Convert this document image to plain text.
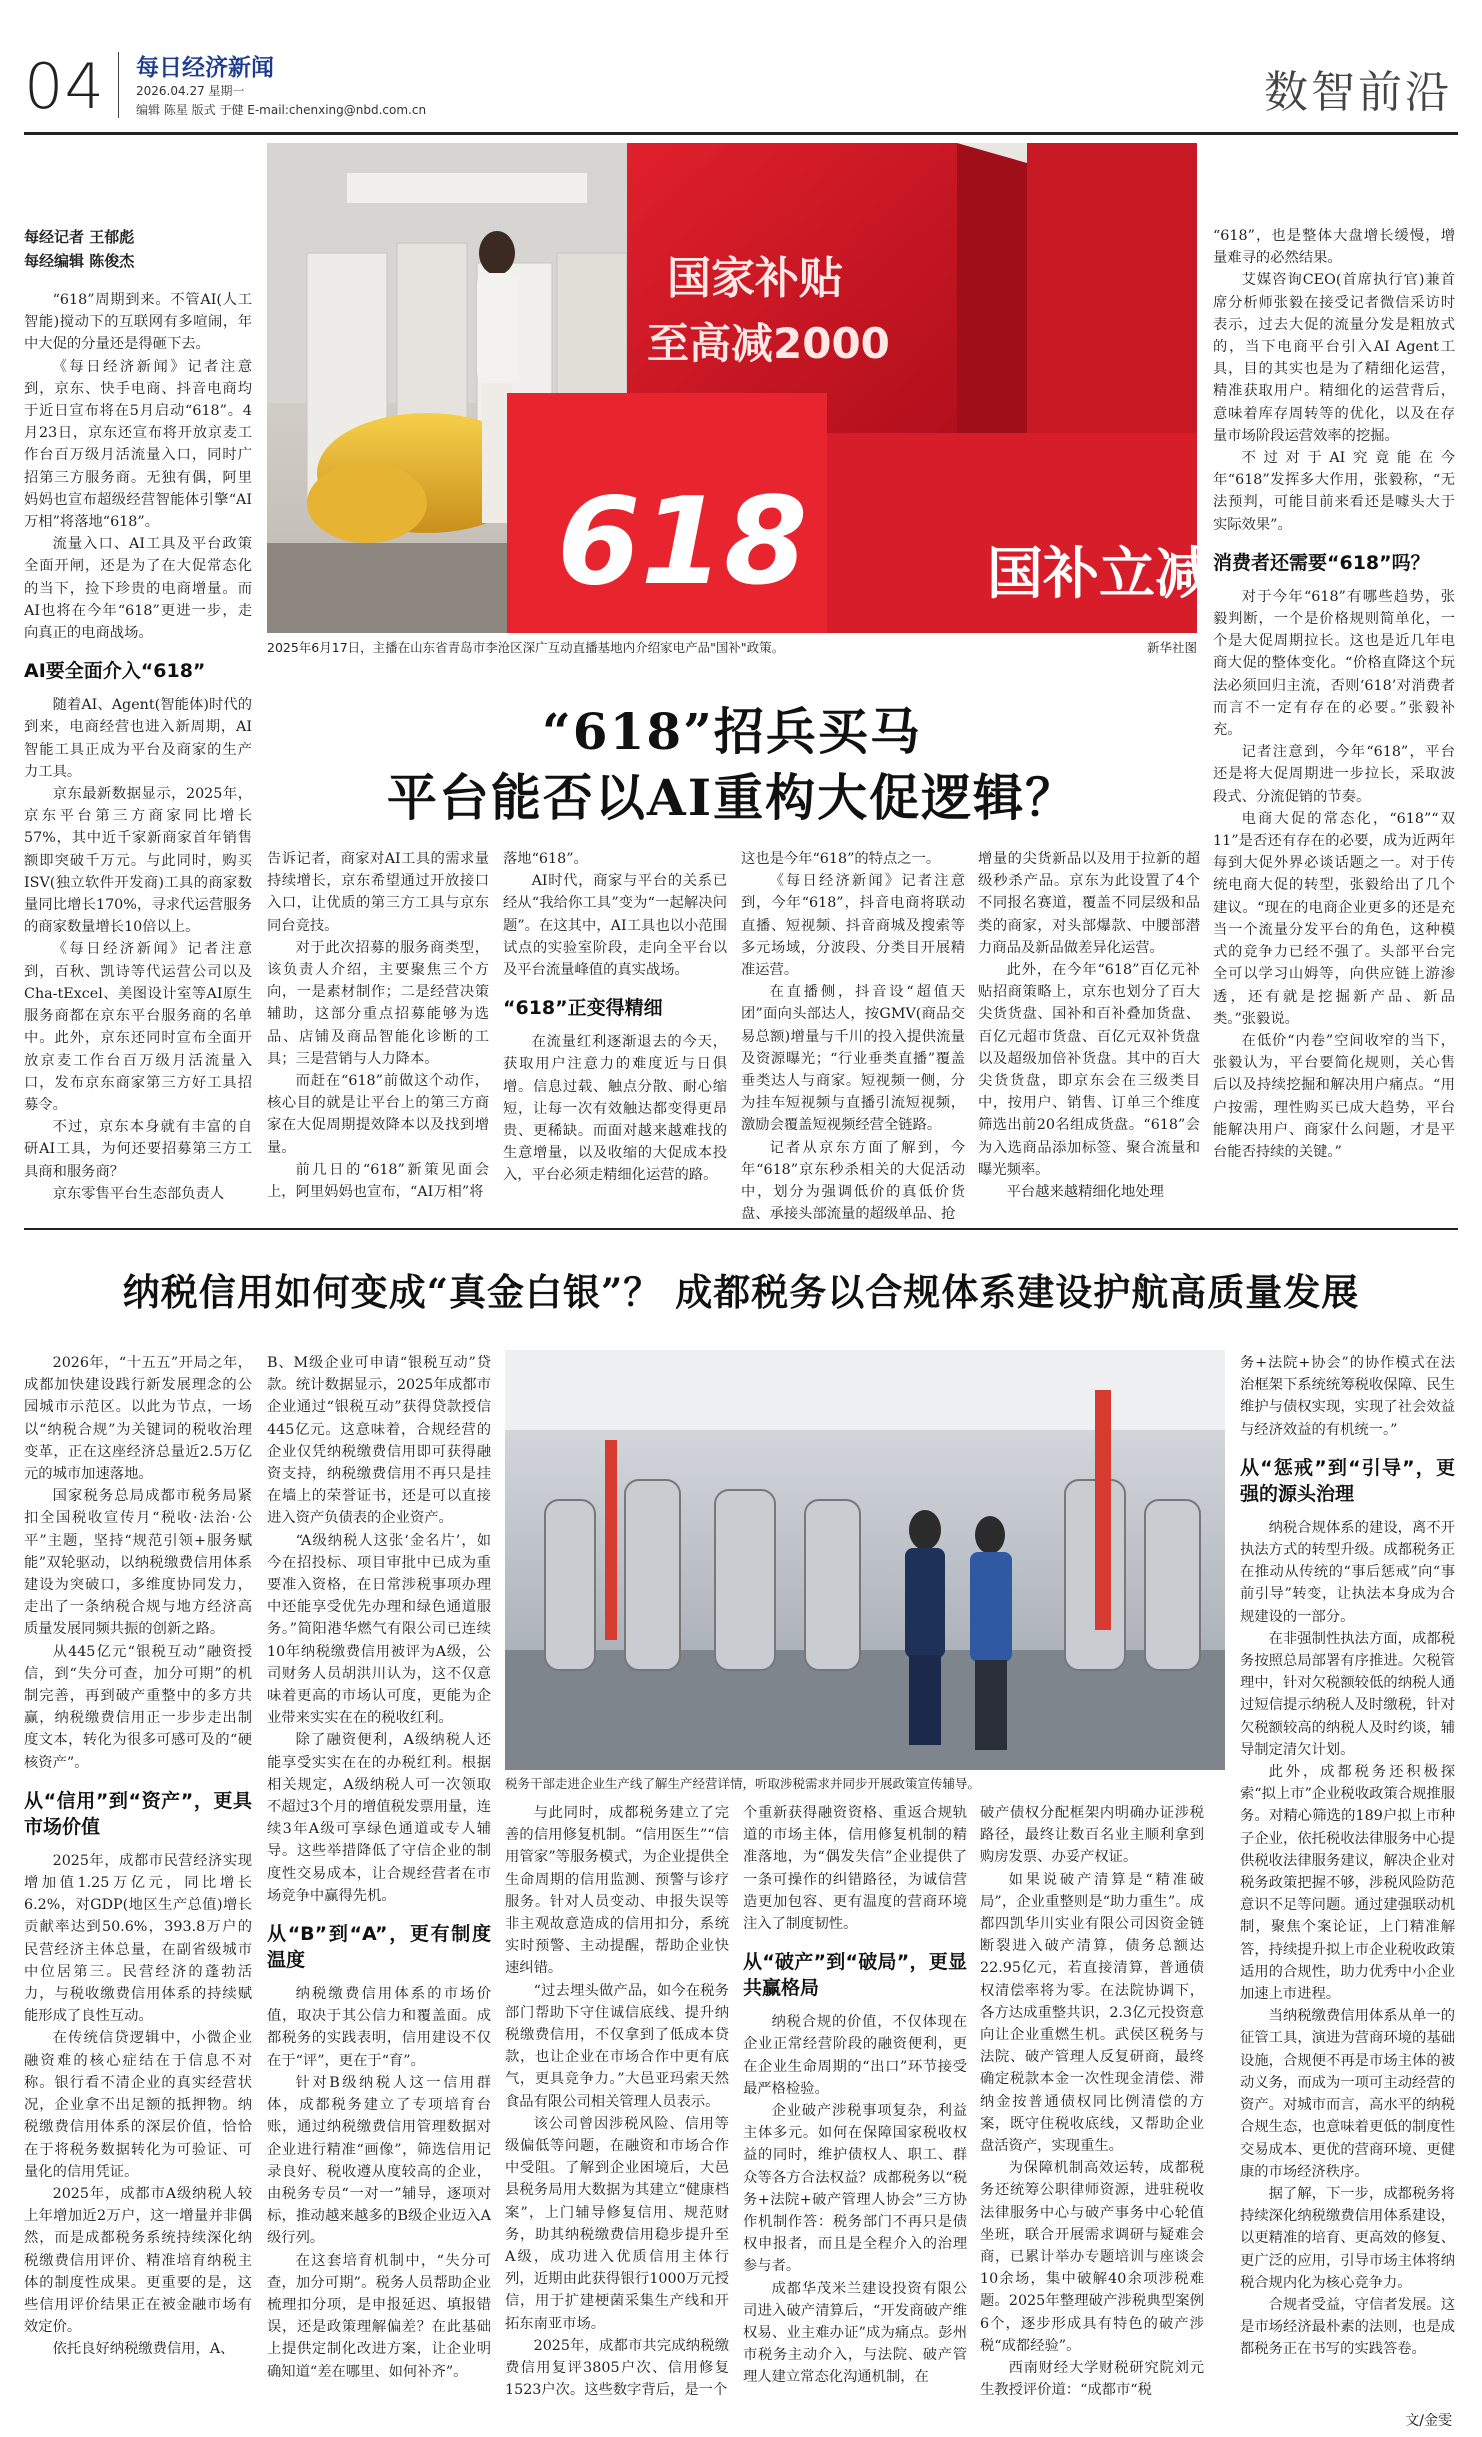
04 每日经济新闻
2026.04.27 星期一
编辑 陈星 版式 于健 E-mail:chenxing@nbd.com.cn	数智前沿
国家补贴
至高减2000
国补立减
618
2025年6月17日，主播在山东省青岛市李沧区深广互动直播基地内介绍家电产品"国补"政策。	新华社图
“618”招兵买马
平台能否以AI重构大促逻辑？
每经记者 王郁彪
每经编辑 陈俊杰

“618”周期到来。不管AI(人工智能)搅动下的互联网有多喧闹，年中大促的分量还是得砸下去。

《每日经济新闻》记者注意到，京东、快手电商、抖音电商均于近日宣布将在5月启动“618”。4月23日，京东还宣布将开放京麦工作台百万级月活流量入口，同时广招第三方服务商。无独有偶，阿里妈妈也宣布超级经营智能体引擎“AI万相”将落地“618”。

流量入口、AI工具及平台政策全面开闸，还是为了在大促常态化的当下，捡下珍贵的电商增量。而AI也将在今年“618”更进一步，走向真正的电商战场。

AI要全面介入“618”

随着AI、Agent(智能体)时代的到来，电商经营也进入新周期，AI智能工具正成为平台及商家的生产力工具。

京东最新数据显示，2025年，京东平台第三方商家同比增长57%，其中近千家新商家首年销售额即突破千万元。与此同时，购买ISV(独立软件开发商)工具的商家数量同比增长170%，寻求代运营服务的商家数量增长10倍以上。

《每日经济新闻》记者注意到，百秋、凯诗等代运营公司以及Cha-tExcel、美图设计室等AI原生服务商都在京东平台服务商的名单中。此外，京东还同时宣布全面开放京麦工作台百万级月活流量入口，发布京东商家第三方好工具招募令。

不过，京东本身就有丰富的自研AI工具，为何还要招募第三方工具商和服务商？

京东零售平台生态部负责人

告诉记者，商家对AI工具的需求量持续增长，京东希望通过开放接口入口，让优质的第三方工具与京东同台竞技。

对于此次招募的服务商类型，该负责人介绍，主要聚焦三个方向，一是素材制作；二是经营决策辅助，这部分重点招募能够为选品、店铺及商品智能化诊断的工具；三是营销与人力降本。

而赶在“618”前做这个动作，核心目的就是让平台上的第三方商家在大促周期提效降本以及找到增量。

前几日的“618”新策见面会上，阿里妈妈也宣布，“AI万相”将

落地“618”。

AI时代，商家与平台的关系已经从“我给你工具”变为“一起解决问题”。在这其中，AI工具也以小范围试点的实验室阶段，走向全平台以及平台流量峰值的真实战场。

“618”正变得精细

在流量红利逐渐退去的今天，获取用户注意力的难度近与日俱增。信息过载、触点分散、耐心缩短，让每一次有效触达都变得更昂贵、更稀缺。而面对越来越难找的生意增量，以及收缩的大促成本投入，平台必须走精细化运营的路。

这也是今年“618”的特点之一。

《每日经济新闻》记者注意到，今年“618”，抖音电商将联动直播、短视频、抖音商城及搜索等多元场域，分波段、分类目开展精准运营。

在直播侧，抖音设“超值天团”面向头部达人，按GMV(商品交易总额)增量与千川的投入提供流量及资源曝光；“行业垂类直播”覆盖垂类达人与商家。短视频一侧，分为挂车短视频与直播引流短视频，激励会覆盖短视频经营全链路。

记者从京东方面了解到，今年“618”京东秒杀相关的大促活动中，划分为强调低价的真低价货盘、承接头部流量的超级单品、抢

增量的尖货新品以及用于拉新的超级秒杀产品。京东为此设置了4个不同报名赛道，覆盖不同层级和品类的商家，对头部爆款、中腰部潜力商品及新品做差异化运营。

此外，在今年“618”百亿元补贴招商策略上，京东也划分了百大尖货货盘、国补和百补叠加货盘、百亿元超市货盘、百亿元双补货盘以及超级加倍补货盘。其中的百大尖货货盘，即京东会在三级类目中，按用户、销售、订单三个维度筛选出前20名组成货盘。“618”会为入选商品添加标签、聚合流量和曝光频率。

平台越来越精细化地处理

“618”，也是整体大盘增长缓慢，增量难寻的必然结果。

艾媒咨询CEO(首席执行官)兼首席分析师张毅在接受记者微信采访时表示，过去大促的流量分发是粗放式的，当下电商平台引入AI Agent工具，目的其实也是为了精细化运营，精准获取用户。精细化的运营背后，意味着库存周转等的优化，以及在存量市场阶段运营效率的挖掘。

不过对于AI究竟能在今年“618”发挥多大作用，张毅称，“无法预判，可能目前来看还是噱头大于实际效果”。

消费者还需要“618”吗？

对于今年“618”有哪些趋势，张毅判断，一个是价格规则简单化，一个是大促周期拉长。这也是近几年电商大促的整体变化。“价格直降这个玩法必须回归主流，否则‘618’对消费者而言不一定有存在的必要。”张毅补充。

记者注意到，今年“618”，平台还是将大促周期进一步拉长，采取波段式、分流促销的节奏。

电商大促的常态化，“618”“双11”是否还有存在的必要，成为近两年每到大促外界必谈话题之一。对于传统电商大促的转型，张毅给出了几个建议。“现在的电商企业更多的还是充当一个流量分发平台的角色，这种模式的竞争力已经不强了。头部平台完全可以学习山姆等，向供应链上游渗透，还有就是挖掘新产品、新品类。”张毅说。

在低价“内卷”空间收窄的当下，张毅认为，平台要简化规则，关心售后以及持续挖掘和解决用户痛点。“用户按需，理性购买已成大趋势，平台能解决用户、商家什么问题，才是平台能否持续的关键。”

纳税信用如何变成“真金白银”？ 成都税务以合规体系建设护航高质量发展
税务干部走进企业生产线了解生产经营详情，听取涉税需求并同步开展政策宣传辅导。

2026年，“十五五”开局之年，成都加快建设践行新发展理念的公园城市示范区。以此为节点，一场以“纳税合规”为关键词的税收治理变革，正在这座经济总量近2.5万亿元的城市加速落地。

国家税务总局成都市税务局紧扣全国税收宣传月“税收·法治·公平”主题，坚持“规范引领+服务赋能”双轮驱动，以纳税缴费信用体系建设为突破口，多维度协同发力，走出了一条纳税合规与地方经济高质量发展同频共振的创新之路。

从445亿元“银税互动”融资授信，到“失分可查，加分可期”的机制完善，再到破产重整中的多方共赢，纳税缴费信用正一步步走出制度文本，转化为很多可感可及的“硬核资产”。

从“信用”到“资产”，更具市场价值

2025年，成都市民营经济实现增加值1.25万亿元，同比增长6.2%，对GDP(地区生产总值)增长贡献率达到50.6%，393.8万户的民营经济主体总量，在副省级城市中位居第三。民营经济的蓬勃活力，与税收缴费信用体系的持续赋能形成了良性互动。

在传统信贷逻辑中，小微企业融资难的核心症结在于信息不对称。银行看不清企业的真实经营状况，企业拿不出足额的抵押物。纳税缴费信用体系的深层价值，恰恰在于将税务数据转化为可验证、可量化的信用凭证。

2025年，成都市A级纳税人较上年增加近2万户，这一增量并非偶然，而是成都税务系统持续深化纳税缴费信用评价、精准培育纳税主体的制度性成果。更重要的是，这些信用评价结果正在被金融市场有效定价。

依托良好纳税缴费信用，A、

B、M级企业可申请“银税互动”贷款。统计数据显示，2025年成都市企业通过“银税互动”获得贷款授信445亿元。这意味着，合规经营的企业仅凭纳税缴费信用即可获得融资支持，纳税缴费信用不再只是挂在墙上的荣誉证书，还是可以直接进入资产负债表的企业资产。

“A级纳税人这张‘金名片’，如今在招投标、项目审批中已成为重要准入资格，在日常涉税事项办理中还能享受优先办理和绿色通道服务。”简阳港华燃气有限公司已连续10年纳税缴费信用被评为A级，公司财务人员胡洪川认为，这不仅意味着更高的市场认可度，更能为企业带来实实在在的税收红利。

除了融资便利，A级纳税人还能享受实实在在的办税红利。根据相关规定，A级纳税人可一次领取不超过3个月的增值税发票用量，连续3年A级可享绿色通道或专人辅导。这些举措降低了守信企业的制度性交易成本，让合规经营者在市场竞争中赢得先机。

从“B”到“A”，更有制度温度

纳税缴费信用体系的市场价值，取决于其公信力和覆盖面。成都税务的实践表明，信用建设不仅在于“评”，更在于“育”。

针对B级纳税人这一信用群体，成都税务建立了专项培育台账，通过纳税缴费信用管理数据对企业进行精准“画像”，筛选信用记录良好、税收遵从度较高的企业，由税务专员“一对一”辅导，逐项对标，推动越来越多的B级企业迈入A级行列。

在这套培育机制中，“失分可查，加分可期”。税务人员帮助企业梳理扣分项，是申报延迟、填报错误，还是政策理解偏差？在此基础上提供定制化改进方案，让企业明确知道“差在哪里、如何补齐”。

与此同时，成都税务建立了完善的信用修复机制。“信用医生”“信用管家”等服务模式，为企业提供全生命周期的信用监测、预警与诊疗服务。针对人员变动、申报失误等非主观故意造成的信用扣分，系统实时预警、主动提醒，帮助企业快速纠错。

“过去埋头做产品，如今在税务部门帮助下守住诚信底线、提升纳税缴费信用，不仅拿到了低成本贷款，也让企业在市场合作中更有底气，更具竞争力。”大邑亚玛索天然食品有限公司相关管理人员表示。

该公司曾因涉税风险、信用等级偏低等问题，在融资和市场合作中受阻。了解到企业困境后，大邑县税务局用大数据为其建立“健康档案”，上门辅导修复信用、规范财务，助其纳税缴费信用稳步提升至A级，成功进入优质信用主体行列，近期由此获得银行1000万元授信，用于扩建梗菌采集生产线和开拓东南亚市场。

2025年，成都市共完成纳税缴费信用复评3805户次、信用修复1523户次。这些数字背后，是一个

个重新获得融资资格、重返合规轨道的市场主体，信用修复机制的精准落地，为“偶发失信”企业提供了一条可操作的纠错路径，为诚信营造更加包容、更有温度的营商环境注入了制度韧性。

从“破产”到“破局”，更显共赢格局

纳税合规的价值，不仅体现在企业正常经营阶段的融资便利，更在企业生命周期的“出口”环节接受最严格检验。

企业破产涉税事项复杂，利益主体多元。如何在保障国家税收权益的同时，维护债权人、职工、群众等各方合法权益？成都税务以“税务+法院+破产管理人协会”三方协作机制作答：税务部门不再只是债权申报者，而且是全程介入的治理参与者。

成都华茂米兰建设投资有限公司进入破产清算后，“开发商破产维权易、业主难办证”成为痛点。彭州市税务主动介入，与法院、破产管理人建立常态化沟通机制，在

破产债权分配框架内明确办证涉税路径，最终让数百名业主顺利拿到购房发票、办妥产权证。

如果说破产清算是“精准破局”，企业重整则是“助力重生”。成都四凯华川实业有限公司因资金链断裂进入破产清算，债务总额达22.95亿元，若直接清算，普通债权清偿率将为零。在法院协调下，各方达成重整共识，2.3亿元投资意向让企业重燃生机。武侯区税务与法院、破产管理人反复研商，最终确定税款本金一次性现金清偿、滞纳金按普通债权同比例清偿的方案，既守住税收底线，又帮助企业盘活资产，实现重生。

为保障机制高效运转，成都税务还统筹公职律师资源，进驻税收法律服务中心与破产事务中心轮值坐班，联合开展需求调研与疑难会商，已累计举办专题培训与座谈会10余场，集中破解40余项涉税难题。2025年整理破产涉税典型案例6个，逐步形成具有特色的破产涉税“成都经验”。

西南财经大学财税研究院刘元生教授评价道：“成都市“税

务+法院+协会”的协作模式在法治框架下系统统筹税收保障、民生维护与债权实现，实现了社会效益与经济效益的有机统一。”

从“惩戒”到“引导”，更强的源头治理

纳税合规体系的建设，离不开执法方式的转型升级。成都税务正在推动从传统的“事后惩戒”向“事前引导”转变，让执法本身成为合规建设的一部分。

在非强制性执法方面，成都税务按照总局部署有序推进。欠税管理中，针对欠税额较低的纳税人通过短信提示纳税人及时缴税，针对欠税额较高的纳税人及时约谈，辅导制定清欠计划。

此外，成都税务还积极探索“拟上市”企业税收政策合规推服务。对精心筛选的189户拟上市种子企业，依托税收法律服务中心提供税收法律服务建议，解决企业对税务政策把握不够，涉税风险防范意识不足等问题。通过建强联动机制，聚焦个案论证，上门精准解答，持续提升拟上市企业税收政策适用的合规性，助力优秀中小企业加速上市进程。

当纳税缴费信用体系从单一的征管工具，演进为营商环境的基础设施，合规便不再是市场主体的被动义务，而成为一项可主动经营的资产。对城市而言，高水平的纳税合规生态，也意味着更低的制度性交易成本、更优的营商环境、更健康的市场经济秩序。

据了解，下一步，成都税务将持续深化纳税缴费信用体系建设，以更精准的培育、更高效的修复、更广泛的应用，引导市场主体将纳税合规内化为核心竞争力。

合规者受益，守信者发展。这是市场经济最朴素的法则，也是成都税务正在书写的实践答卷。

文/金雯
